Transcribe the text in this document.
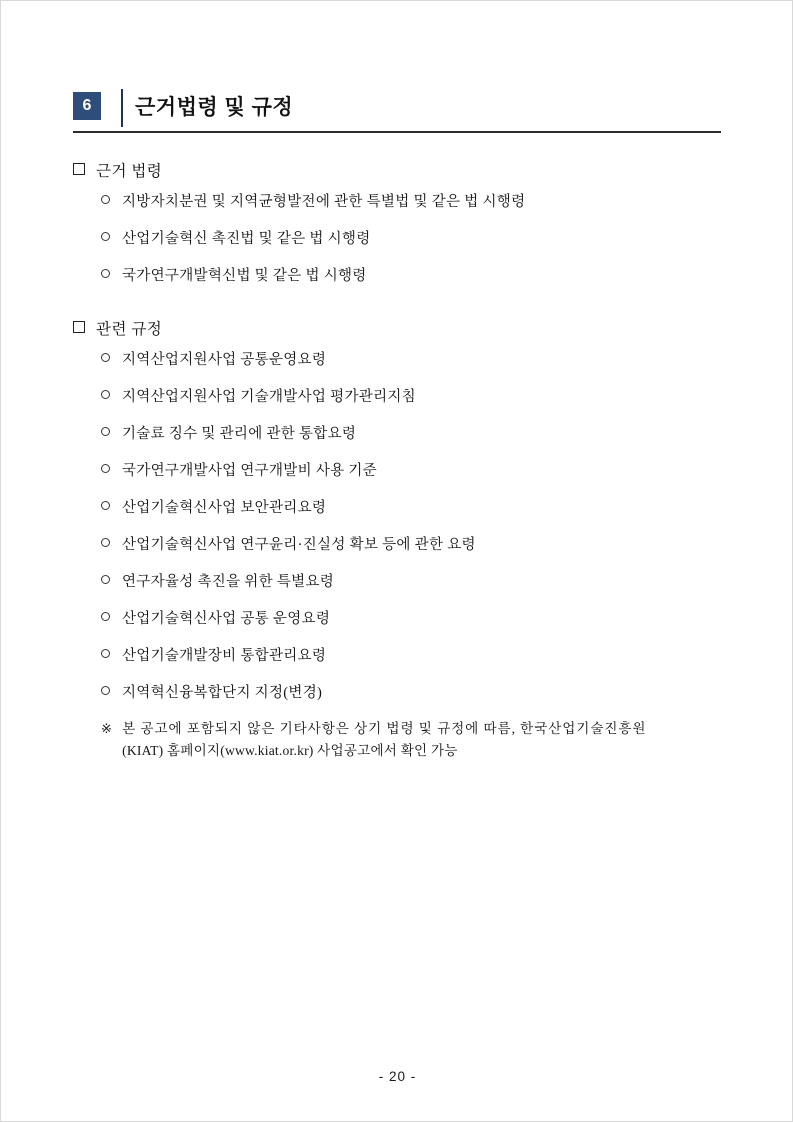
6	근거법령 및 규정
근거 법령
지방자치분권 및 지역균형발전에 관한 특별법 및 같은 법 시행령
산업기술혁신 촉진법 및 같은 법 시행령
국가연구개발혁신법 및 같은 법 시행령
관련 규정
지역산업지원사업 공통운영요령
지역산업지원사업 기술개발사업 평가관리지침
기술료 징수 및 관리에 관한 통합요령
국가연구개발사업 연구개발비 사용 기준
산업기술혁신사업 보안관리요령
산업기술혁신사업 연구윤리·진실성 확보 등에 관한 요령
연구자율성 촉진을 위한 특별요령
산업기술혁신사업 공통 운영요령
산업기술개발장비 통합관리요령
지역혁신융복합단지 지정(변경)
※ 본 공고에 포함되지 않은 기타사항은 상기 법령 및 규정에 따름, 한국산업기술진흥원
(KIAT) 홈페이지(www.kiat.or.kr) 사업공고에서 확인 가능
- 20 -
